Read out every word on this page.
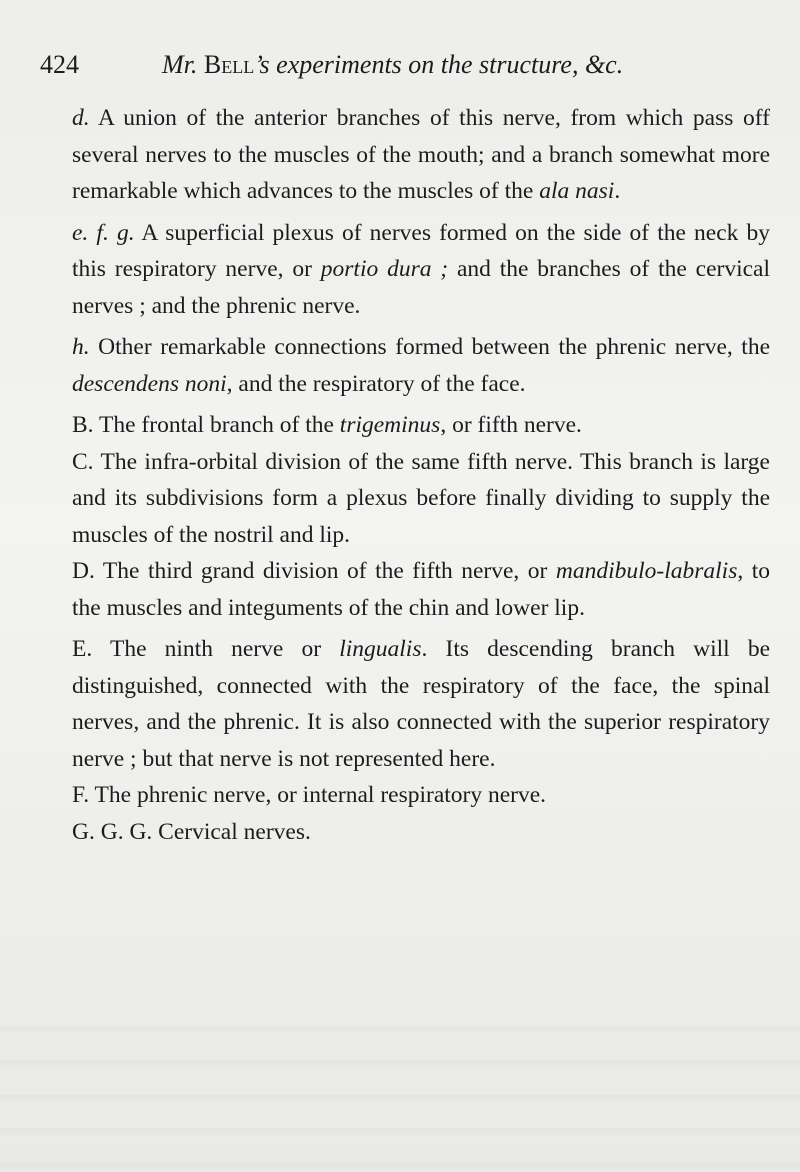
424	Mr. Bell’s experiments on the structure, &c.

d. A union of the anterior branches of this nerve, from which pass off several nerves to the muscles of the mouth; and a branch somewhat more remarkable which advances to the muscles of the ala nasi.

e. f. g. A superficial plexus of nerves formed on the side of the neck by this respiratory nerve, or portio dura ; and the branches of the cervical nerves ; and the phrenic nerve.

h. Other remarkable connections formed between the phrenic nerve, the descendens noni, and the respiratory of the face.

B. The frontal branch of the trigeminus, or fifth nerve.

C. The infra-orbital division of the same fifth nerve. This branch is large and its subdivisions form a plexus before finally dividing to supply the muscles of the nostril and lip.

D. The third grand division of the fifth nerve, or mandibulo-labralis, to the muscles and integuments of the chin and lower lip.

E. The ninth nerve or lingualis. Its descending branch will be distinguished, connected with the respiratory of the face, the spinal nerves, and the phrenic. It is also connected with the superior respiratory nerve ; but that nerve is not represented here.

F. The phrenic nerve, or internal respiratory nerve.

G. G. G. Cervical nerves.
